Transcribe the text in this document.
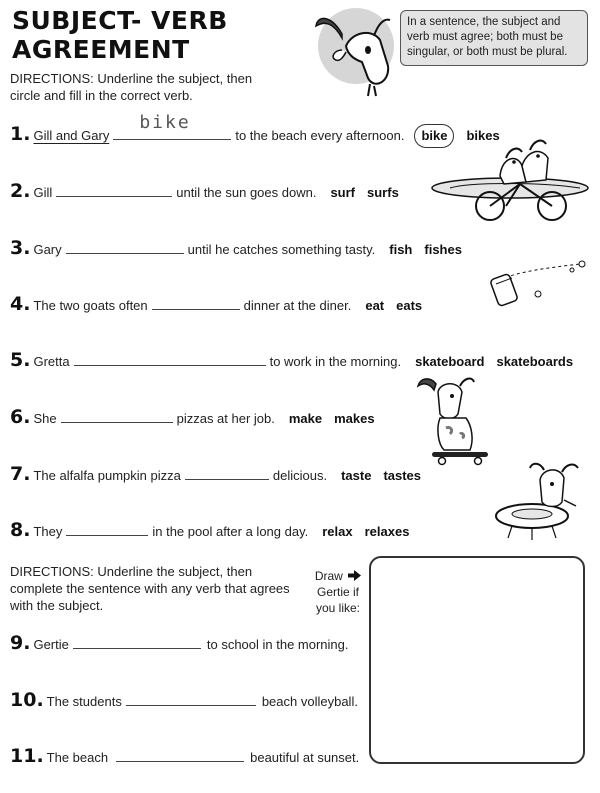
SUBJECT- VERB
AGREEMENT
In a sentence, the subject and verb must agree; both must be singular, or both must be plural.
DIRECTIONS: Underline the subject, then circle and fill in the correct verb.
1. Gill and Gary
bike
to the beach every afternoon.	bike	bikes
2. Gill	until the sun goes down. surf surfs
3. Gary	until he catches something tasty. fish fishes
4. The two goats often	dinner at the diner. eat eats
5. Gretta	to work in the morning. skateboard skateboards
6. She	pizzas at her job. make makes
7. The alfalfa pumpkin pizza	delicious. taste tastes
8. They	in the pool after a long day. relax relaxes
DIRECTIONS: Underline the subject, then complete the sentence with any verb that agrees with the subject.
Draw
Gertie if
you like:
9. Gertie	to school in the morning.
10. The students	beach volleyball.
11. The beach	beautiful at sunset.
